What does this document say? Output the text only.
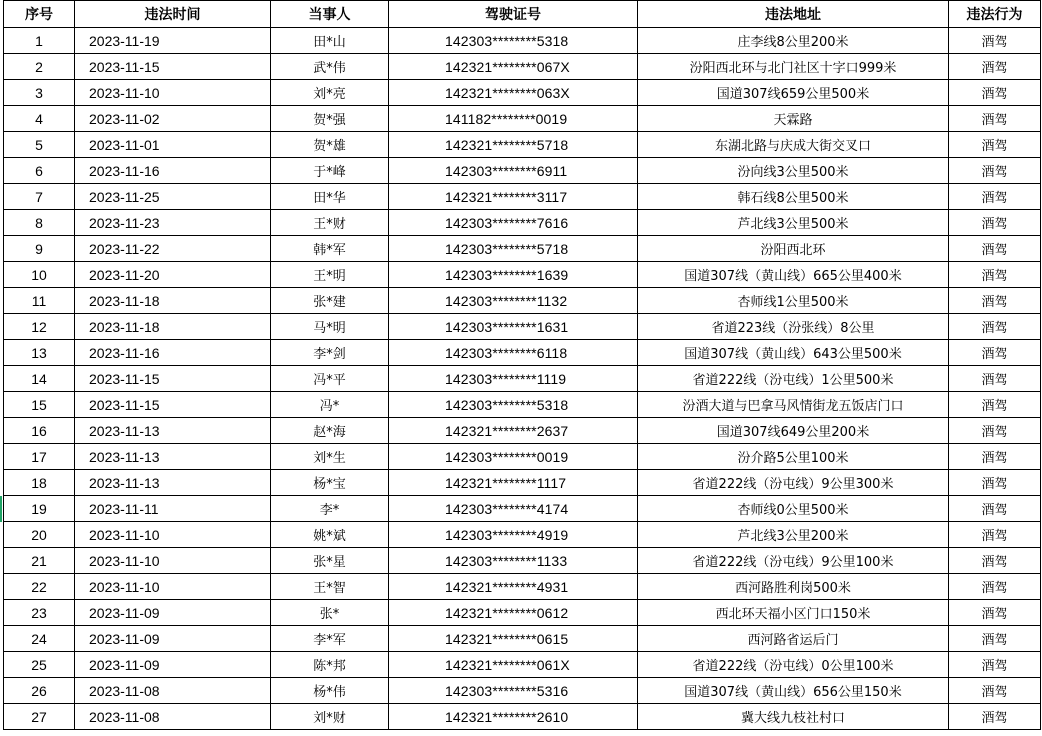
序号	违法时间	当事人	驾驶证号	违法地址	违法行为
1	2023-11-19	田*山	142303********5318	庄李线8公里200米	酒驾
2	2023-11-15	武*伟	142321********067X	汾阳西北环与北门社区十字口999米	酒驾
3	2023-11-10	刘*亮	142321********063X	国道307线659公里500米	酒驾
4	2023-11-02	贺*强	141182********0019	天霖路	酒驾
5	2023-11-01	贺*雄	142321********5718	东湖北路与庆成大街交叉口	酒驾
6	2023-11-16	于*峰	142303********6911	汾向线3公里500米	酒驾
7	2023-11-25	田*华	142321********3117	韩石线8公里500米	酒驾
8	2023-11-23	王*财	142303********7616	芦北线3公里500米	酒驾
9	2023-11-22	韩*军	142303********5718	汾阳西北环	酒驾
10	2023-11-20	王*明	142303********1639	国道307线（黄山线）665公里400米	酒驾
11	2023-11-18	张*建	142303********1132	杏师线1公里500米	酒驾
12	2023-11-18	马*明	142303********1631	省道223线（汾张线）8公里	酒驾
13	2023-11-16	李*剑	142303********6118	国道307线（黄山线）643公里500米	酒驾
14	2023-11-15	冯*平	142303********1119	省道222线（汾屯线）1公里500米	酒驾
15	2023-11-15	冯*	142303********5318	汾酒大道与巴拿马风情街龙五饭店门口	酒驾
16	2023-11-13	赵*海	142321********2637	国道307线649公里200米	酒驾
17	2023-11-13	刘*生	142303********0019	汾介路5公里100米	酒驾
18	2023-11-13	杨*宝	142321********1117	省道222线（汾屯线）9公里300米	酒驾
19	2023-11-11	李*	142303********4174	杏师线0公里500米	酒驾
20	2023-11-10	姚*斌	142303********4919	芦北线3公里200米	酒驾
21	2023-11-10	张*星	142303********1133	省道222线（汾屯线）9公里100米	酒驾
22	2023-11-10	王*智	142321********4931	西河路胜利岗500米	酒驾
23	2023-11-09	张*	142321********0612	西北环天福小区门口150米	酒驾
24	2023-11-09	李*军	142321********0615	西河路省运后门	酒驾
25	2023-11-09	陈*邦	142321********061X	省道222线（汾屯线）0公里100米	酒驾
26	2023-11-08	杨*伟	142303********5316	国道307线（黄山线）656公里150米	酒驾
27	2023-11-08	刘*财	142321********2610	冀大线九枝社村口	酒驾
